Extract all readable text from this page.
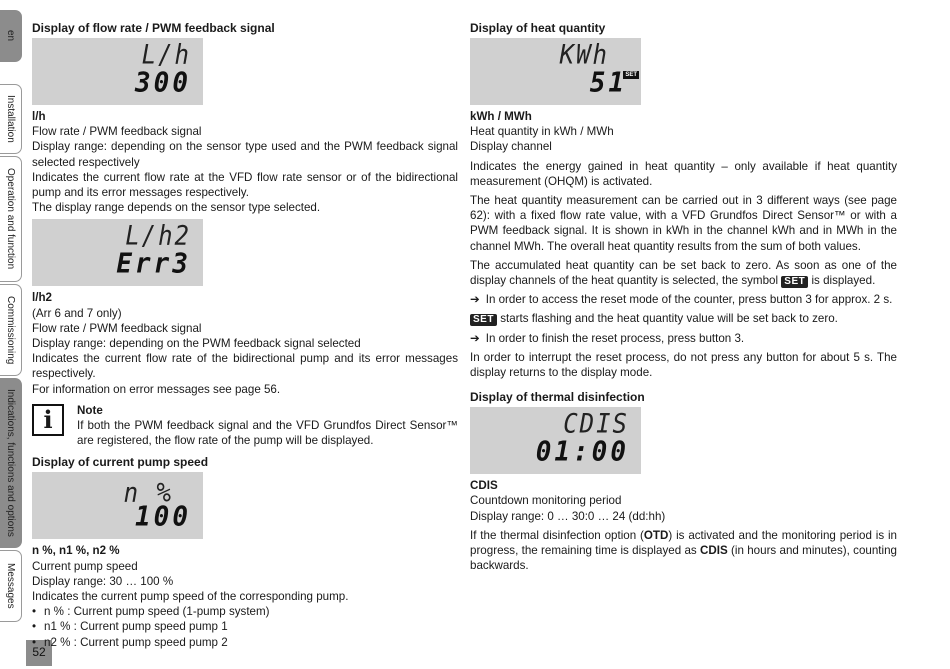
en
Installation
Operation and function
Commissioning
Indications, functions and options
Messages
52
Display of flow rate / PWM feedback signal
L/h
300
l/h

Flow rate / PWM feedback signal

Display range: depending on the sensor type used and the PWM feedback signal selected respectively

Indicates the current flow rate at the VFD flow rate sensor or of the bidirectional pump and its error messages respectively.

The display range depends on the sensor type selected.

L/h2
Err3
l/h2

(Arr 6 and 7 only)

Flow rate / PWM feedback signal

Display range: depending on the PWM feedback signal selected

Indicates the current flow rate of the bidirectional pump and its error messages respectively.

For information on error messages see page 56.

i	Note

If both the PWM feedback signal and the VFD Grundfos Direct Sensor™ are registered, the flow rate of the pump will be displayed.

Display of current pump speed
n %
100
n %, n1 %, n2 %

Current pump speed

Display range: 30 … 100 %

Indicates the current pump speed of the corresponding pump.

• n % : Current pump speed (1-pump system)
• n1 % : Current pump speed pump 1
• n2 % : Current pump speed pump 2
Display of heat quantity
KWh
SET
51
kWh / MWh

Heat quantity in kWh / MWh

Display channel

Indicates the energy gained in heat quantity – only available if heat quantity measurement (OHQM) is activated.

The heat quantity measurement can be carried out in 3 different ways (see page 62): with a fixed flow rate value, with a VFD Grundfos Direct Sensor™ or with a PWM feedback signal. It is shown in kWh in the channel kWh and in MWh in the channel MWh. The overall heat quantity results from the sum of both values.

The accumulated heat quantity can be set back to zero. As soon as one of the display channels of the heat quantity is selected, the symbol SET is displayed.

➔ In order to access the reset mode of the counter, press button 3 for approx. 2 s.

SET starts flashing and the heat quantity value will be set back to zero.

➔ In order to finish the reset process, press button 3.

In order to interrupt the reset process, do not press any button for about 5 s. The display returns to the display mode.

Display of thermal disinfection
CDIS
01:00
CDIS

Countdown monitoring period

Display range: 0 … 30:0 … 24 (dd:hh)

If the thermal disinfection option (OTD) is activated and the monitoring period is in progress, the remaining time is displayed as CDIS (in hours and minutes), counting backwards.
